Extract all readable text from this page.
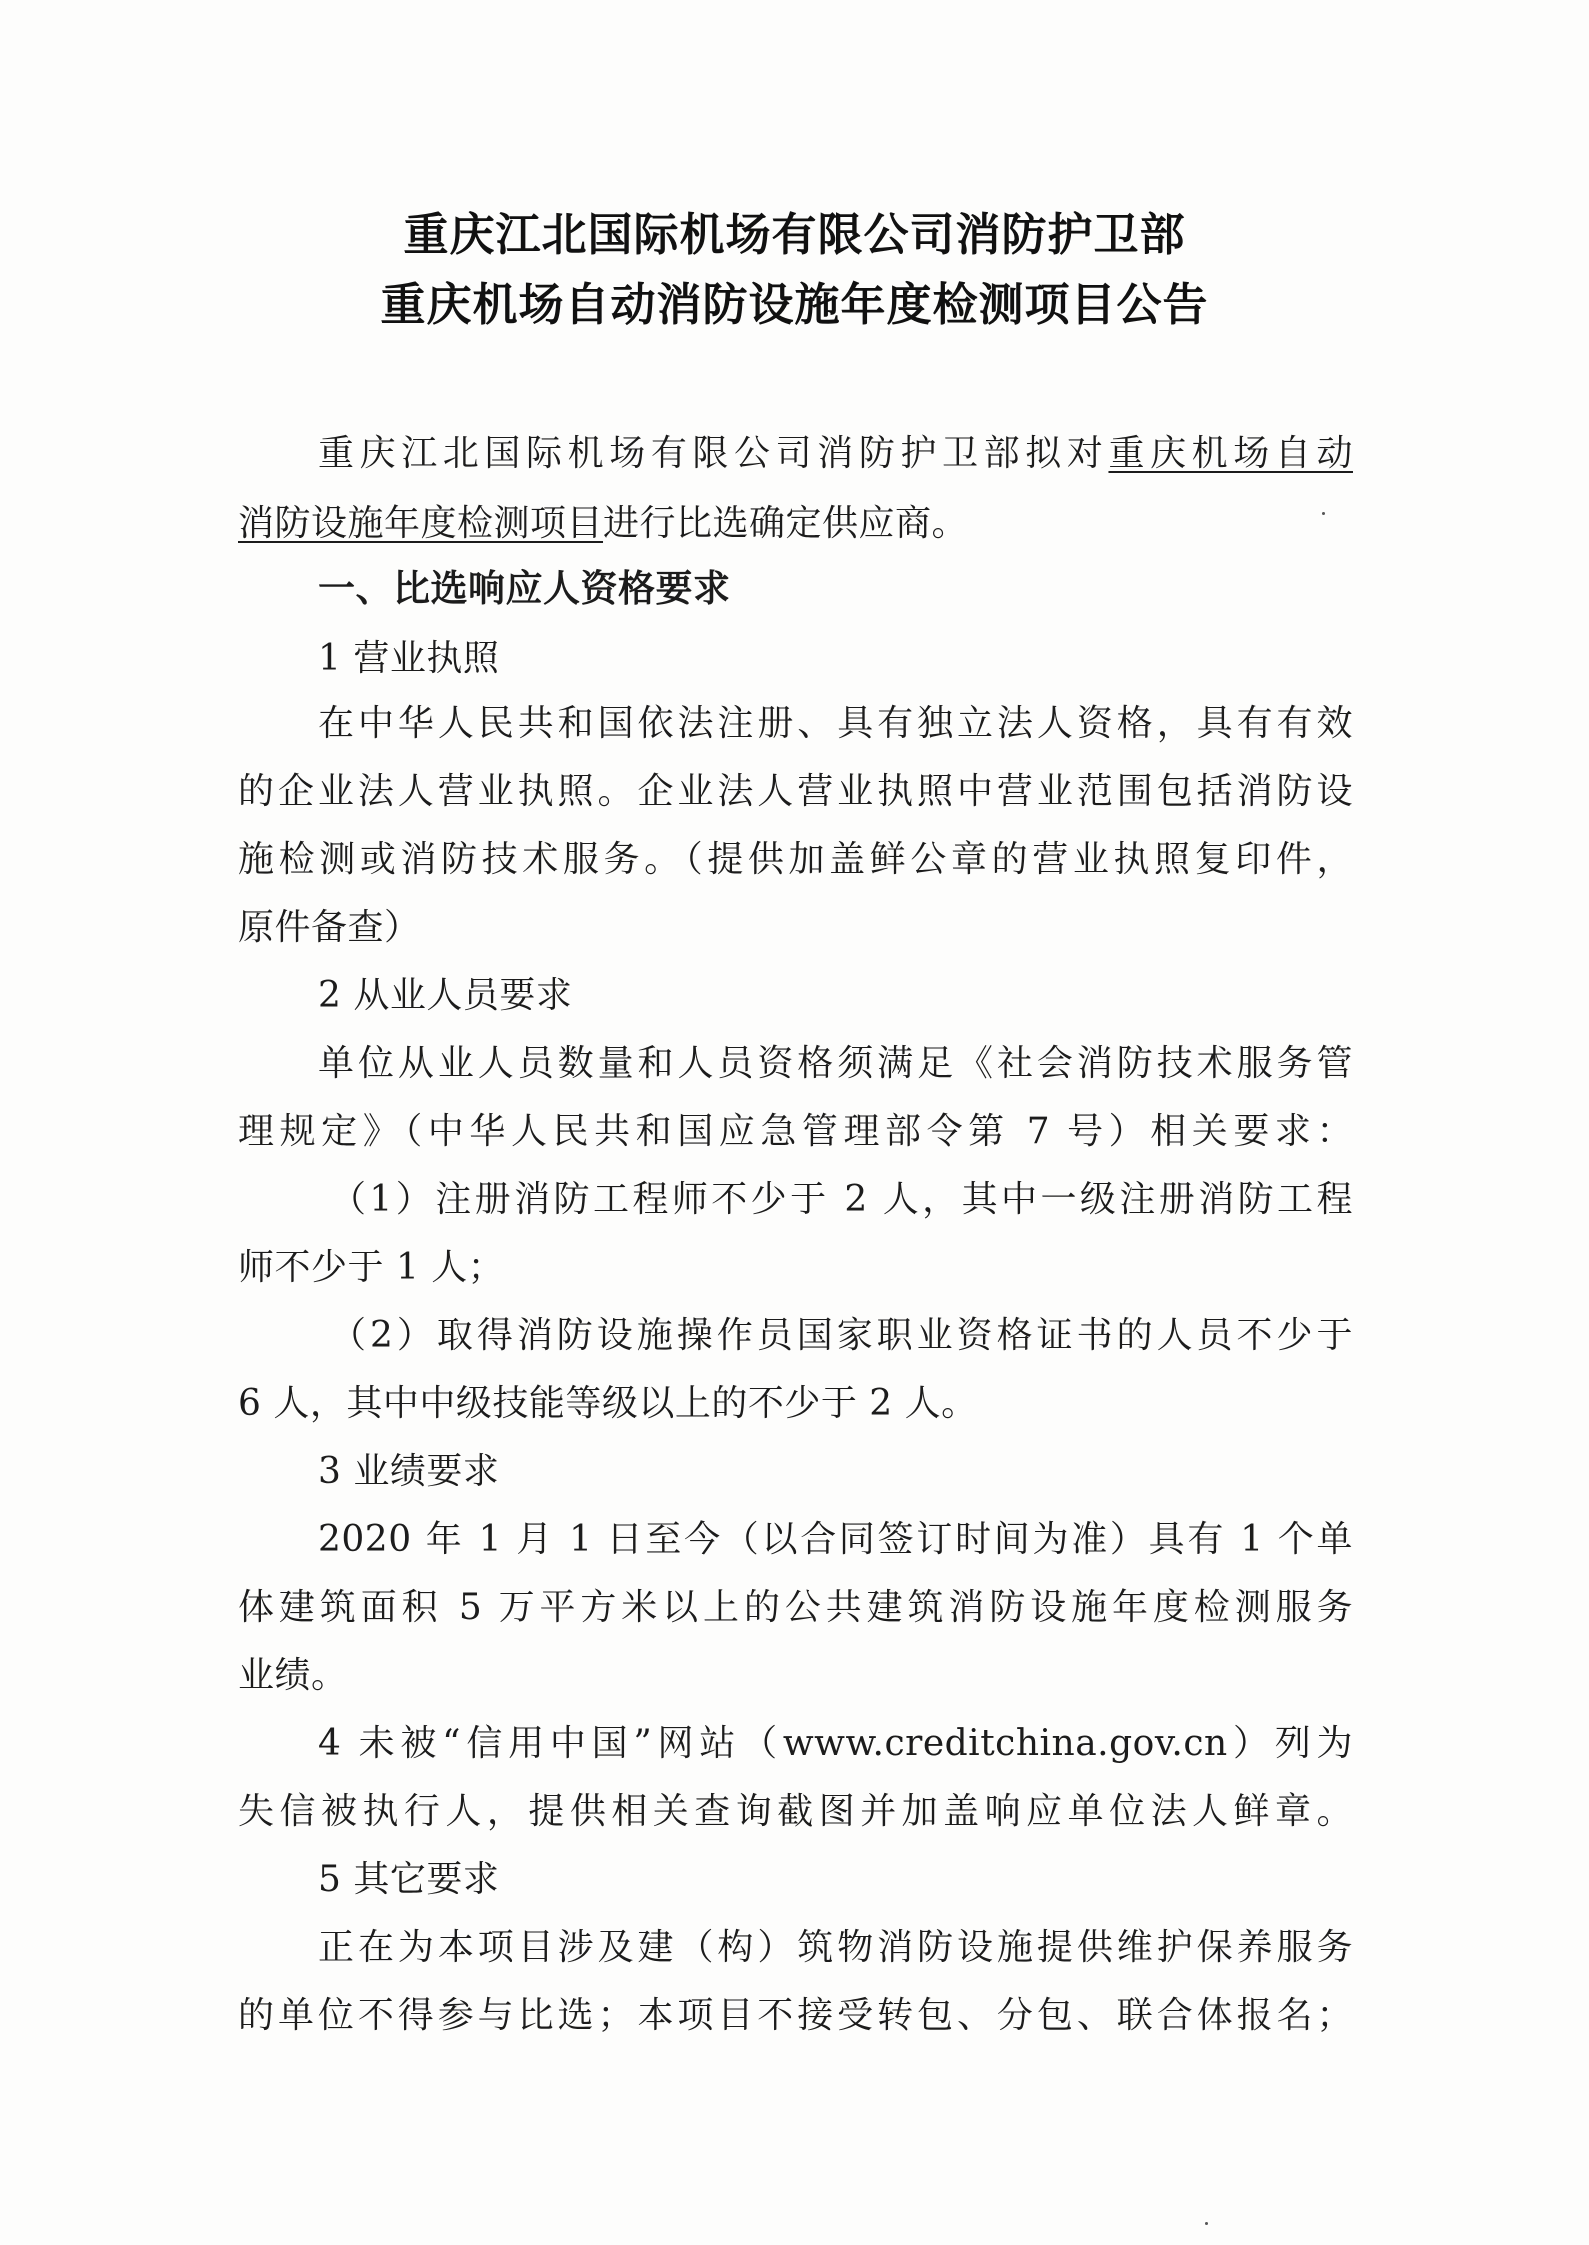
重庆江北国际机场有限公司消防护卫部
重庆机场自动消防设施年度检测项目公告
重庆江北国际机场有限公司消防护卫部拟对重庆机场自动
消防设施年度检测项目进行比选确定供应商。
一、比选响应人资格要求
1 营业执照
在中华人民共和国依法注册、具有独立法人资格，具有有效
的企业法人营业执照。企业法人营业执照中营业范围包括消防设
施检测或消防技术服务。（提供加盖鲜公章的营业执照复印件，
原件备查）
2 从业人员要求
单位从业人员数量和人员资格须满足《社会消防技术服务管
理规定》（中华人民共和国应急管理部令第 7 号）相关要求：
（1）注册消防工程师不少于 2 人，其中一级注册消防工程
师不少于 1 人；
（2）取得消防设施操作员国家职业资格证书的人员不少于
6 人，其中中级技能等级以上的不少于 2 人。
3 业绩要求
2020 年 1 月 1 日至今（以合同签订时间为准）具有 1 个单
体建筑面积 5 万平方米以上的公共建筑消防设施年度检测服务
业绩。
4 未被“信用中国”网站（www.creditchina.gov.cn）列为
失信被执行人，提供相关查询截图并加盖响应单位法人鲜章。
5 其它要求
正在为本项目涉及建（构）筑物消防设施提供维护保养服务
的单位不得参与比选；本项目不接受转包、分包、联合体报名；
